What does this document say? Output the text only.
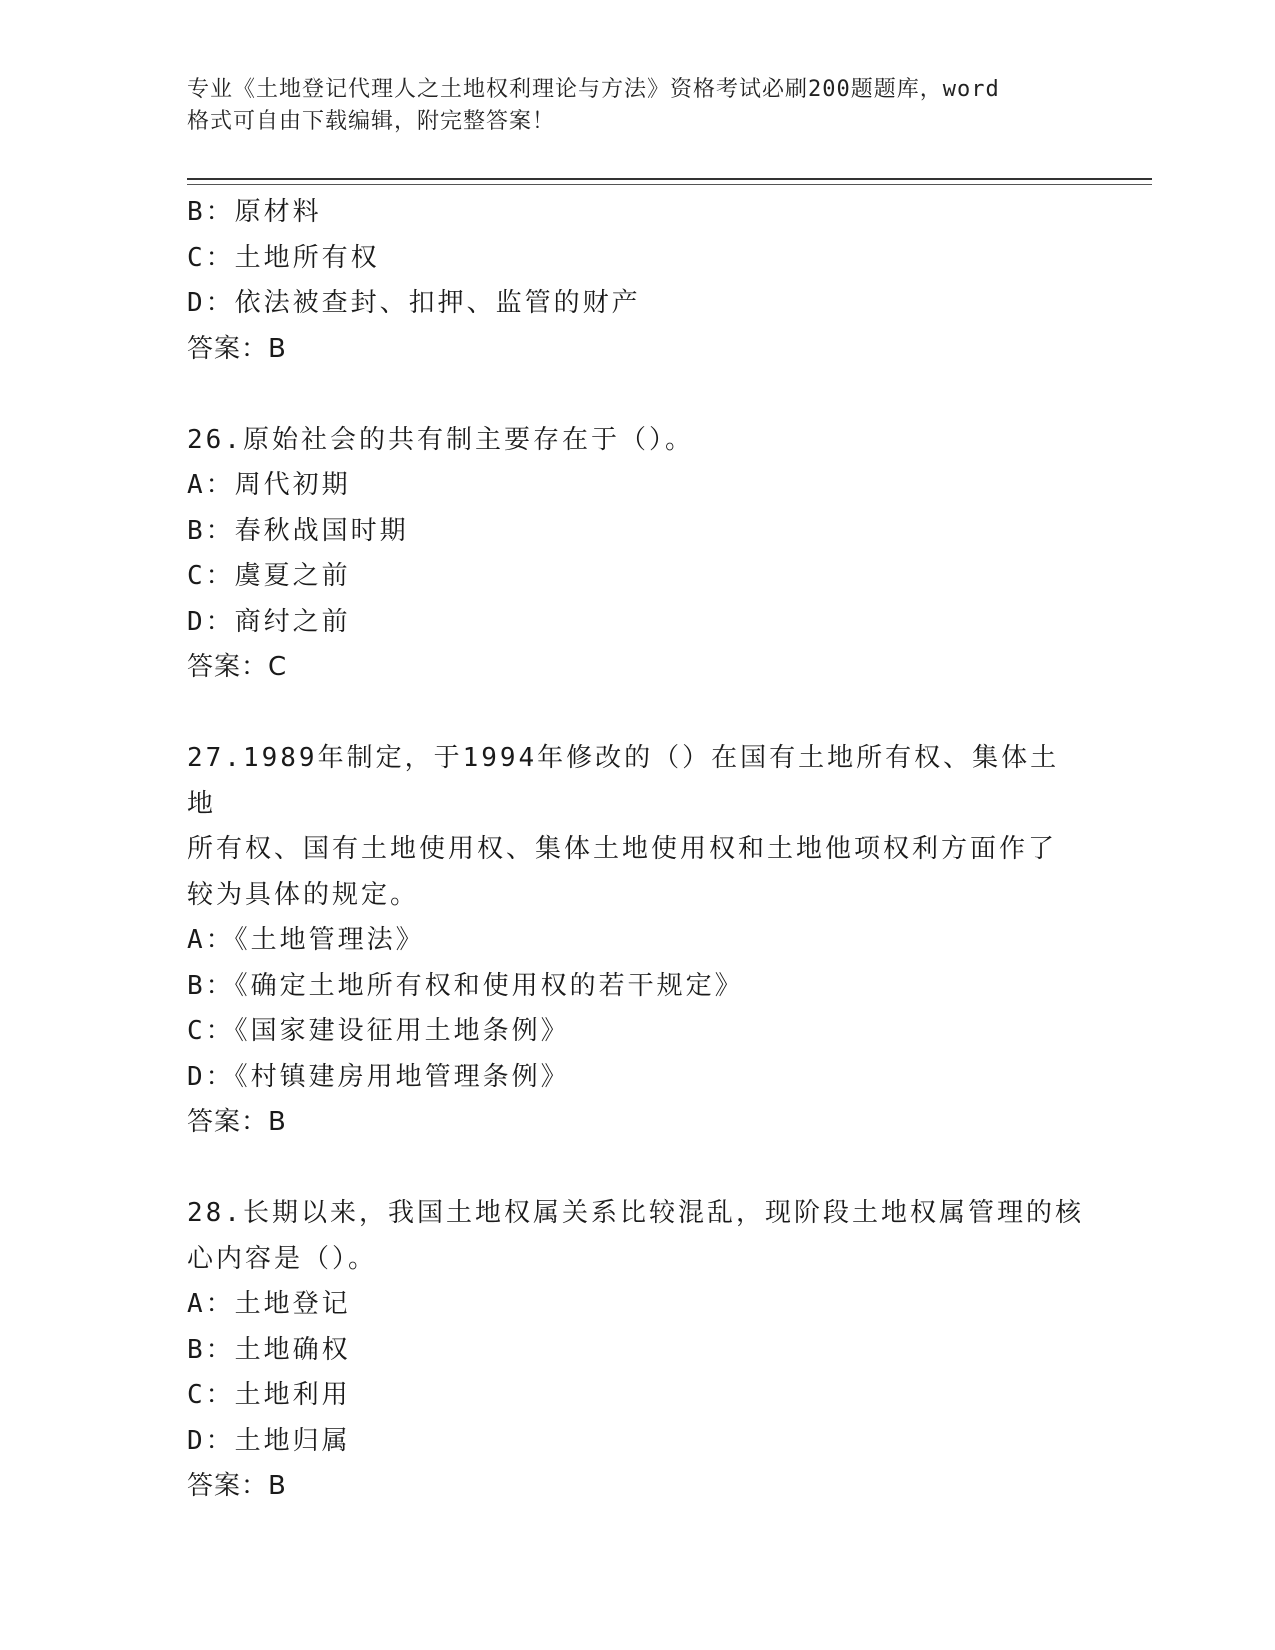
专业《土地登记代理人之土地权利理论与方法》资格考试必刷200题题库，word
格式可自由下载编辑，附完整答案！
B：原材料
C：土地所有权
D：依法被查封、扣押、监管的财产
答案：B
26.原始社会的共有制主要存在于（）。
A：周代初期
B：春秋战国时期
C：虞夏之前
D：商纣之前
答案：C
27.1989年制定，于1994年修改的（）在国有土地所有权、集体土地
所有权、国有土地使用权、集体土地使用权和土地他项权利方面作了
较为具体的规定。
A：《土地管理法》
B：《确定土地所有权和使用权的若干规定》
C：《国家建设征用土地条例》
D：《村镇建房用地管理条例》
答案：B
28.长期以来，我国土地权属关系比较混乱，现阶段土地权属管理的核
心内容是（）。
A：土地登记
B：土地确权
C：土地利用
D：土地归属
答案：B
